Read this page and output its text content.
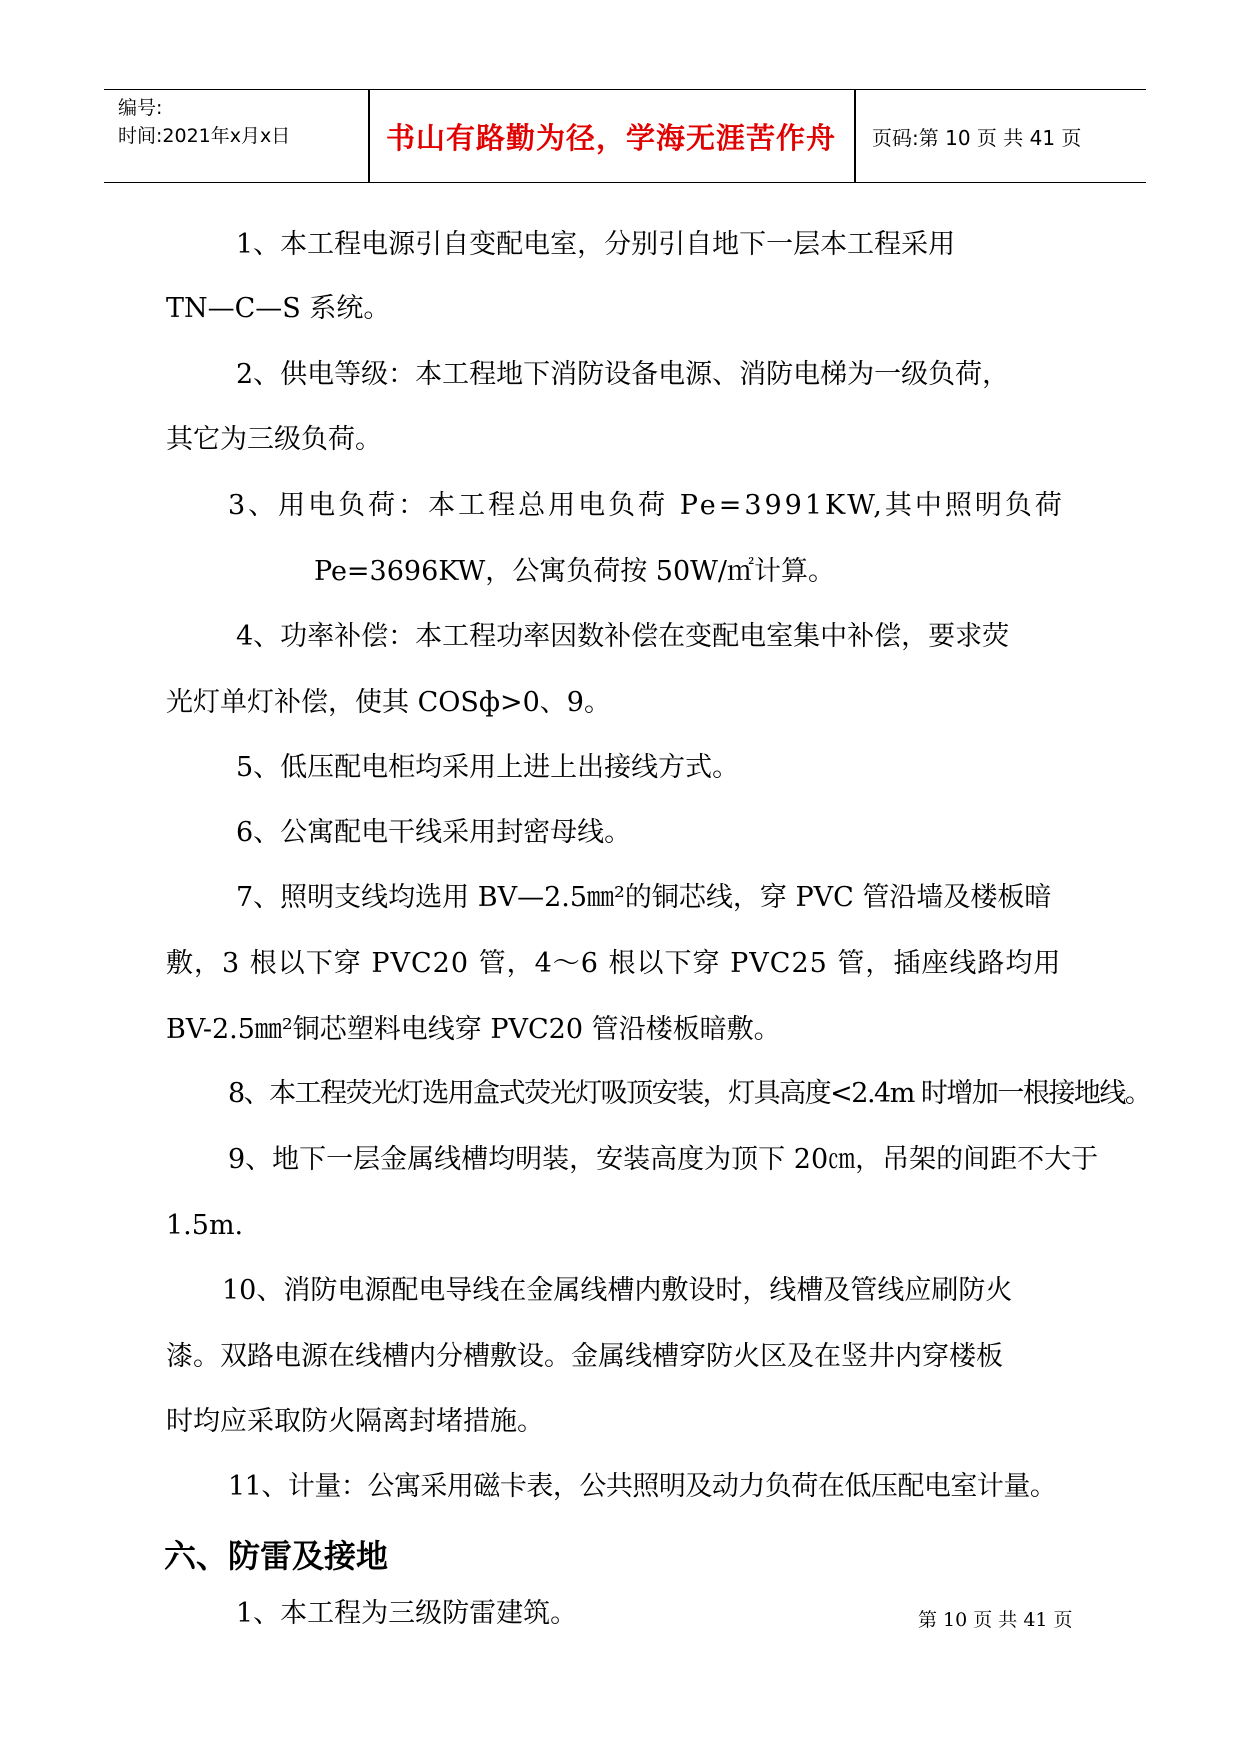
编号:
时间:2021年x月x日	书山有路勤为径，学海无涯苦作舟	页码:第 10 页 共 41 页
1、本工程电源引自变配电室，分别引自地下一层本工程采用
TN—C—S 系统。
2、供电等级：本工程地下消防设备电源、消防电梯为一级负荷，
其它为三级负荷。
3、用电负荷：本工程总用电负荷 Pe=3991KW,其中照明负荷
Pe=3696KW，公寓负荷按 50W/㎡计算。
4、功率补偿：本工程功率因数补偿在变配电室集中补偿，要求荧
光灯单灯补偿，使其 COSф>0、9。
5、低压配电柜均采用上进上出接线方式。
6、公寓配电干线采用封密母线。
7、照明支线均选用 BV—2.5㎜²的铜芯线，穿 PVC 管沿墙及楼板暗
敷，3 根以下穿 PVC20 管，4～6 根以下穿 PVC25 管，插座线路均用
BV-2.5㎜²铜芯塑料电线穿 PVC20 管沿楼板暗敷。
8、本工程荧光灯选用盒式荧光灯吸顶安装，灯具高度<2.4m 时增加一根接地线。
9、地下一层金属线槽均明装，安装高度为顶下 20㎝，吊架的间距不大于
1.5m.
10、消防电源配电导线在金属线槽内敷设时，线槽及管线应刷防火
漆。双路电源在线槽内分槽敷设。金属线槽穿防火区及在竖井内穿楼板
时均应采取防火隔离封堵措施。
11、计量：公寓采用磁卡表，公共照明及动力负荷在低压配电室计量。
六、防雷及接地
1、本工程为三级防雷建筑。	第 10 页 共 41 页
